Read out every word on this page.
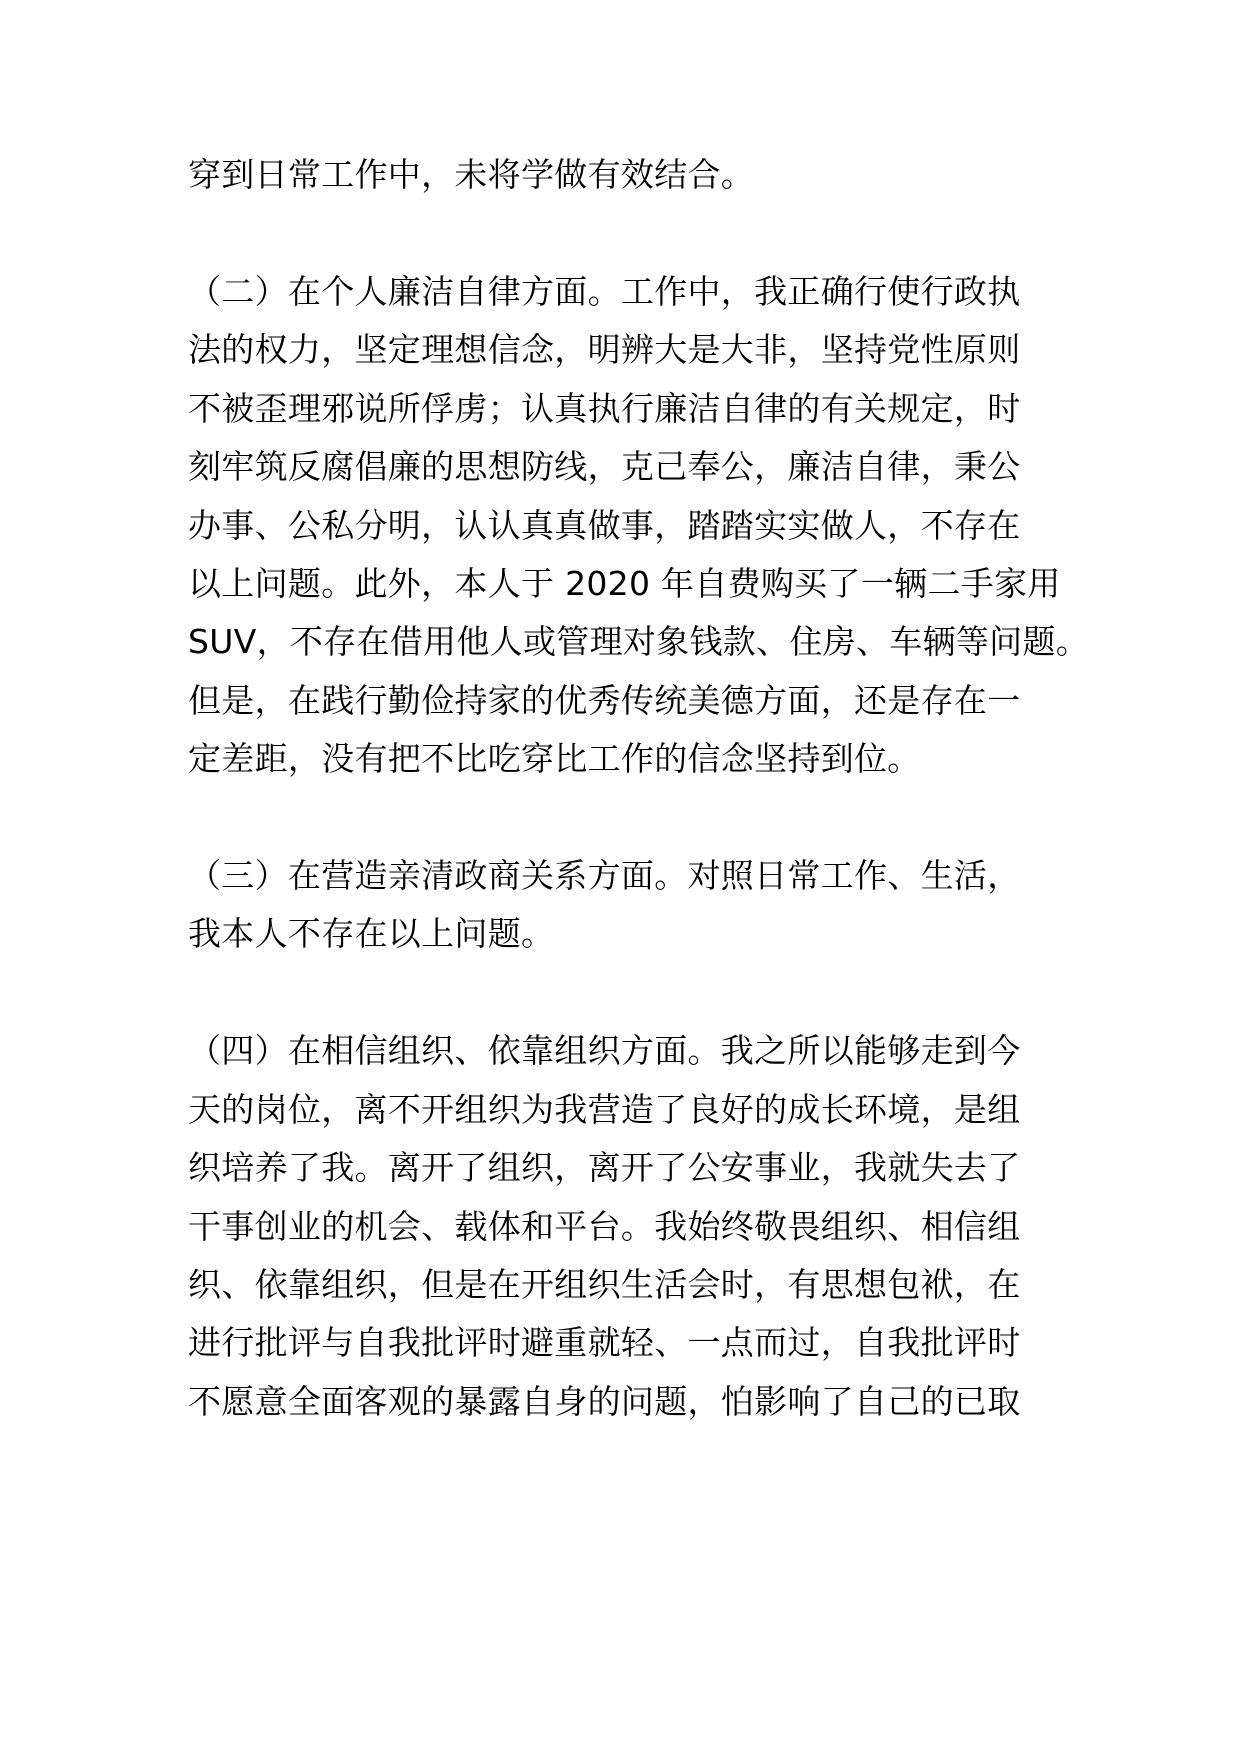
穿到日常工作中，未将学做有效结合。
（二）在个人廉洁自律方面。工作中，我正确行使行政执
法的权力，坚定理想信念，明辨大是大非，坚持党性原则
不被歪理邪说所俘虏；认真执行廉洁自律的有关规定，时
刻牢筑反腐倡廉的思想防线，克己奉公，廉洁自律，秉公
办事、公私分明，认认真真做事，踏踏实实做人，不存在
以上问题。此外，本人于 2020 年自费购买了一辆二手家用
SUV，不存在借用他人或管理对象钱款、住房、车辆等问题。
但是，在践行勤俭持家的优秀传统美德方面，还是存在一
定差距，没有把不比吃穿比工作的信念坚持到位。
（三）在营造亲清政商关系方面。对照日常工作、生活，
我本人不存在以上问题。
（四）在相信组织、依靠组织方面。我之所以能够走到今
天的岗位，离不开组织为我营造了良好的成长环境，是组
织培养了我。离开了组织，离开了公安事业，我就失去了
干事创业的机会、载体和平台。我始终敬畏组织、相信组
织、依靠组织，但是在开组织生活会时，有思想包袱，在
进行批评与自我批评时避重就轻、一点而过，自我批评时
不愿意全面客观的暴露自身的问题，怕影响了自己的已取
